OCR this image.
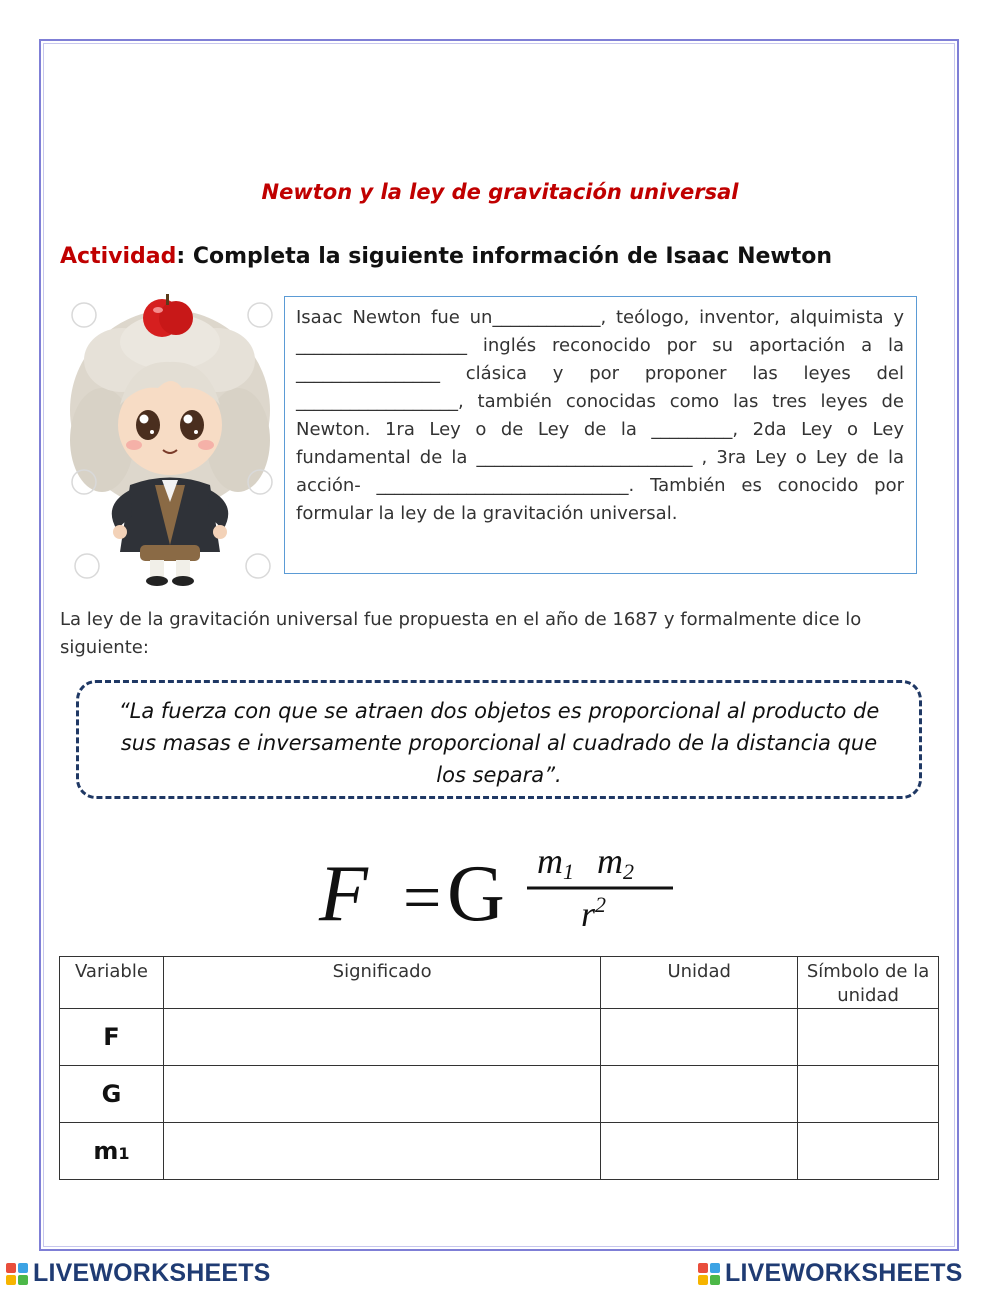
Newton y la ley de gravitación universal
Actividad: Completa la siguiente información de Isaac Newton

Isaac Newton fue un____________, teólogo, inventor, alquimista y ___________________ inglés reconocido por su aportación a la ________________ clásica y por proponer las leyes del __________________, también conocidas como las tres leyes de Newton. 1ra Ley o de Ley de la _________, 2da Ley o Ley fundamental de la ________________________ , 3ra Ley o Ley de la acción- ____________________________. También es conocido por formular la ley de la gravitación universal.

La ley de la gravitación universal fue propuesta en el año de 1687 y formalmente dice lo siguiente:

“La fuerza con que se atraen dos objetos es proporcional al producto de sus masas e inversamente proporcional al cuadrado de la distancia que los separa”.

F = G m1 m2
$r^2$
Variable	Significado	Unidad	Símbolo de la unidad
F			
G			
m1			
LIVEWORKSHEETS	LIVEWORKSHEETS
